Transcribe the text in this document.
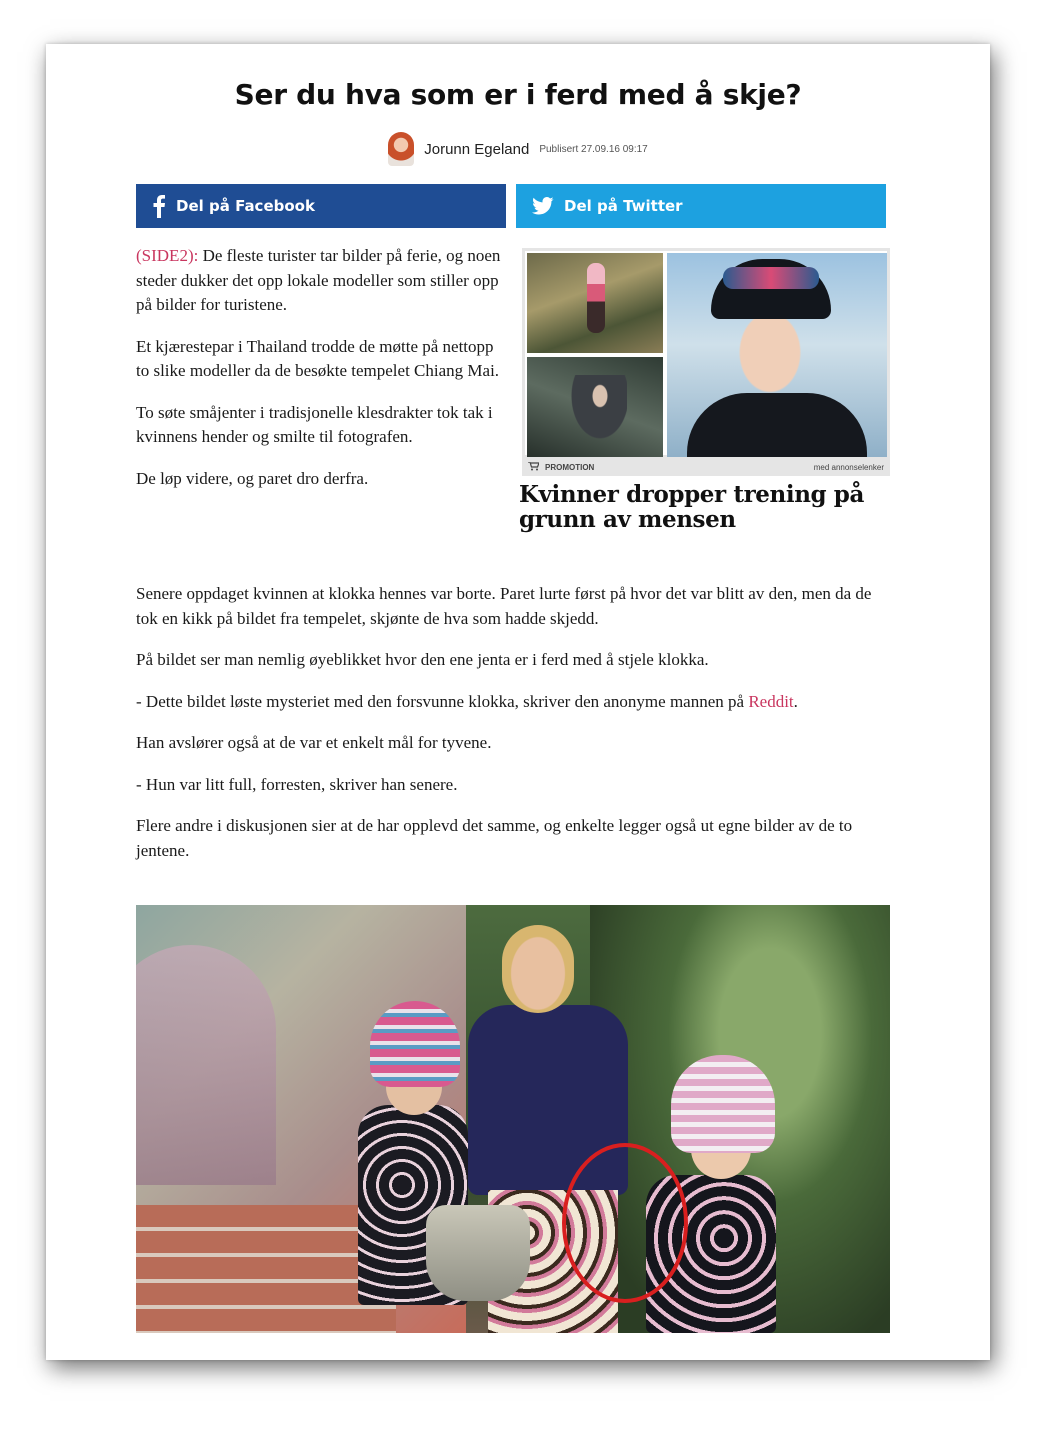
Ser du hva som er i ferd med å skje?
Jorunn Egeland Publisert 27.09.16 09:17
Del på Facebook	Del på Twitter

(SIDE2): De fleste turister tar bilder på ferie, og noen steder dukker det opp lokale modeller som stiller opp på bilder for turistene.

Et kjærestepar i Thailand trodde de møtte på nettopp to slike modeller da de besøkte tempelet Chiang Mai.

To søte småjenter i tradisjonelle klesdrakter tok tak i kvinnens hender og smilte til fotografen.

De løp videre, og paret dro derfra.

PROMOTION	med annonselenker
Kvinner dropper trening på grunn av mensen

Senere oppdaget kvinnen at klokka hennes var borte. Paret lurte først på hvor det var blitt av den, men da de tok en kikk på bildet fra tempelet, skjønte de hva som hadde skjedd.

På bildet ser man nemlig øyeblikket hvor den ene jenta er i ferd med å stjele klokka.

- Dette bildet løste mysteriet med den forsvunne klokka, skriver den anonyme mannen på Reddit.

Han avslører også at de var et enkelt mål for tyvene.

- Hun var litt full, forresten, skriver han senere.

Flere andre i diskusjonen sier at de har opplevd det samme, og enkelte legger også ut egne bilder av de to jentene.
